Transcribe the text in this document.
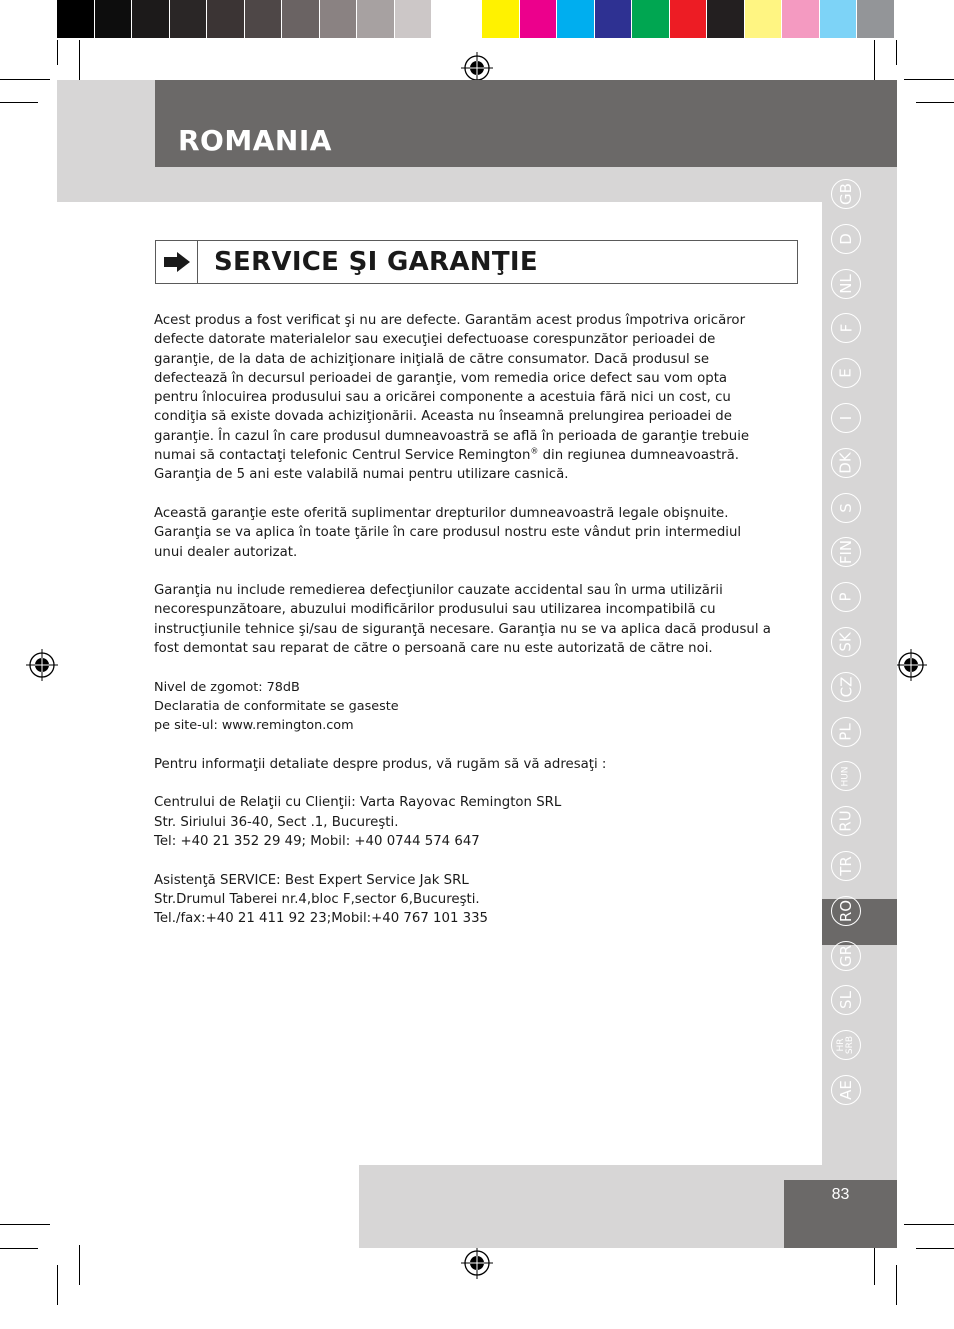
ROMANIA
SERVICE ŞI GARANŢIE

Acest produs a fost verificat şi nu are defecte. Garantăm acest produs împotriva oricăror
defecte datorate materialelor sau execuţiei defectuoase corespunzător perioadei de
garanţie, de la data de achiziţionare iniţială de către consumator. Dacă produsul se
defectează în decursul perioadei de garanţie, vom remedia orice defect sau vom opta
pentru înlocuirea produsului sau a oricărei componente a acestuia fără nici un cost, cu
condiţia să existe dovada achiziţionării. Aceasta nu înseamnă prelungirea perioadei de
garanţie. În cazul în care produsul dumneavoastră se află în perioada de garanţie trebuie
numai să contactaţi telefonic Centrul Service Remington® din regiunea dumneavoastră.
Garanţia de 5 ani este valabilă numai pentru utilizare casnică.

Această garanţie este oferită suplimentar drepturilor dumneavoastră legale obişnuite.
Garanţia se va aplica în toate ţările în care produsul nostru este vândut prin intermediul
unui dealer autorizat.

Garanţia nu include remedierea defecţiunilor cauzate accidental sau în urma utilizării
necorespunzătoare, abuzului modificărilor produsului sau utilizarea incompatibilă cu
instrucţiunile tehnice şi/sau de siguranţă necesare. Garanţia nu se va aplica dacă produsul a
fost demontat sau reparat de către o persoană care nu este autorizată de către noi.

Nivel de zgomot: 78dB
Declaratia de conformitate se gaseste
pe site-ul: www.remington.com

Pentru informaţii detaliate despre produs, vă rugăm să vă adresaţi :

Centrului de Relaţii cu Clienţii: Varta Rayovac Remington SRL
Str. Siriului 36-40, Sect .1, Bucureşti.
Tel: +40 21 352 29 49; Mobil: +40 0744 574 647

Asistenţă SERVICE: Best Expert Service Jak SRL
Str.Drumul Taberei nr.4,bloc F,sector 6,Bucureşti.
Tel./fax:+40 21 411 92 23;Mobil:+40 767 101 335

GB
D
NL
F
E
I
DK
S
FIN
P
SK
CZ
PL
HUN
RU
TR
RO
GR
SL
HR SRB
AE
83
